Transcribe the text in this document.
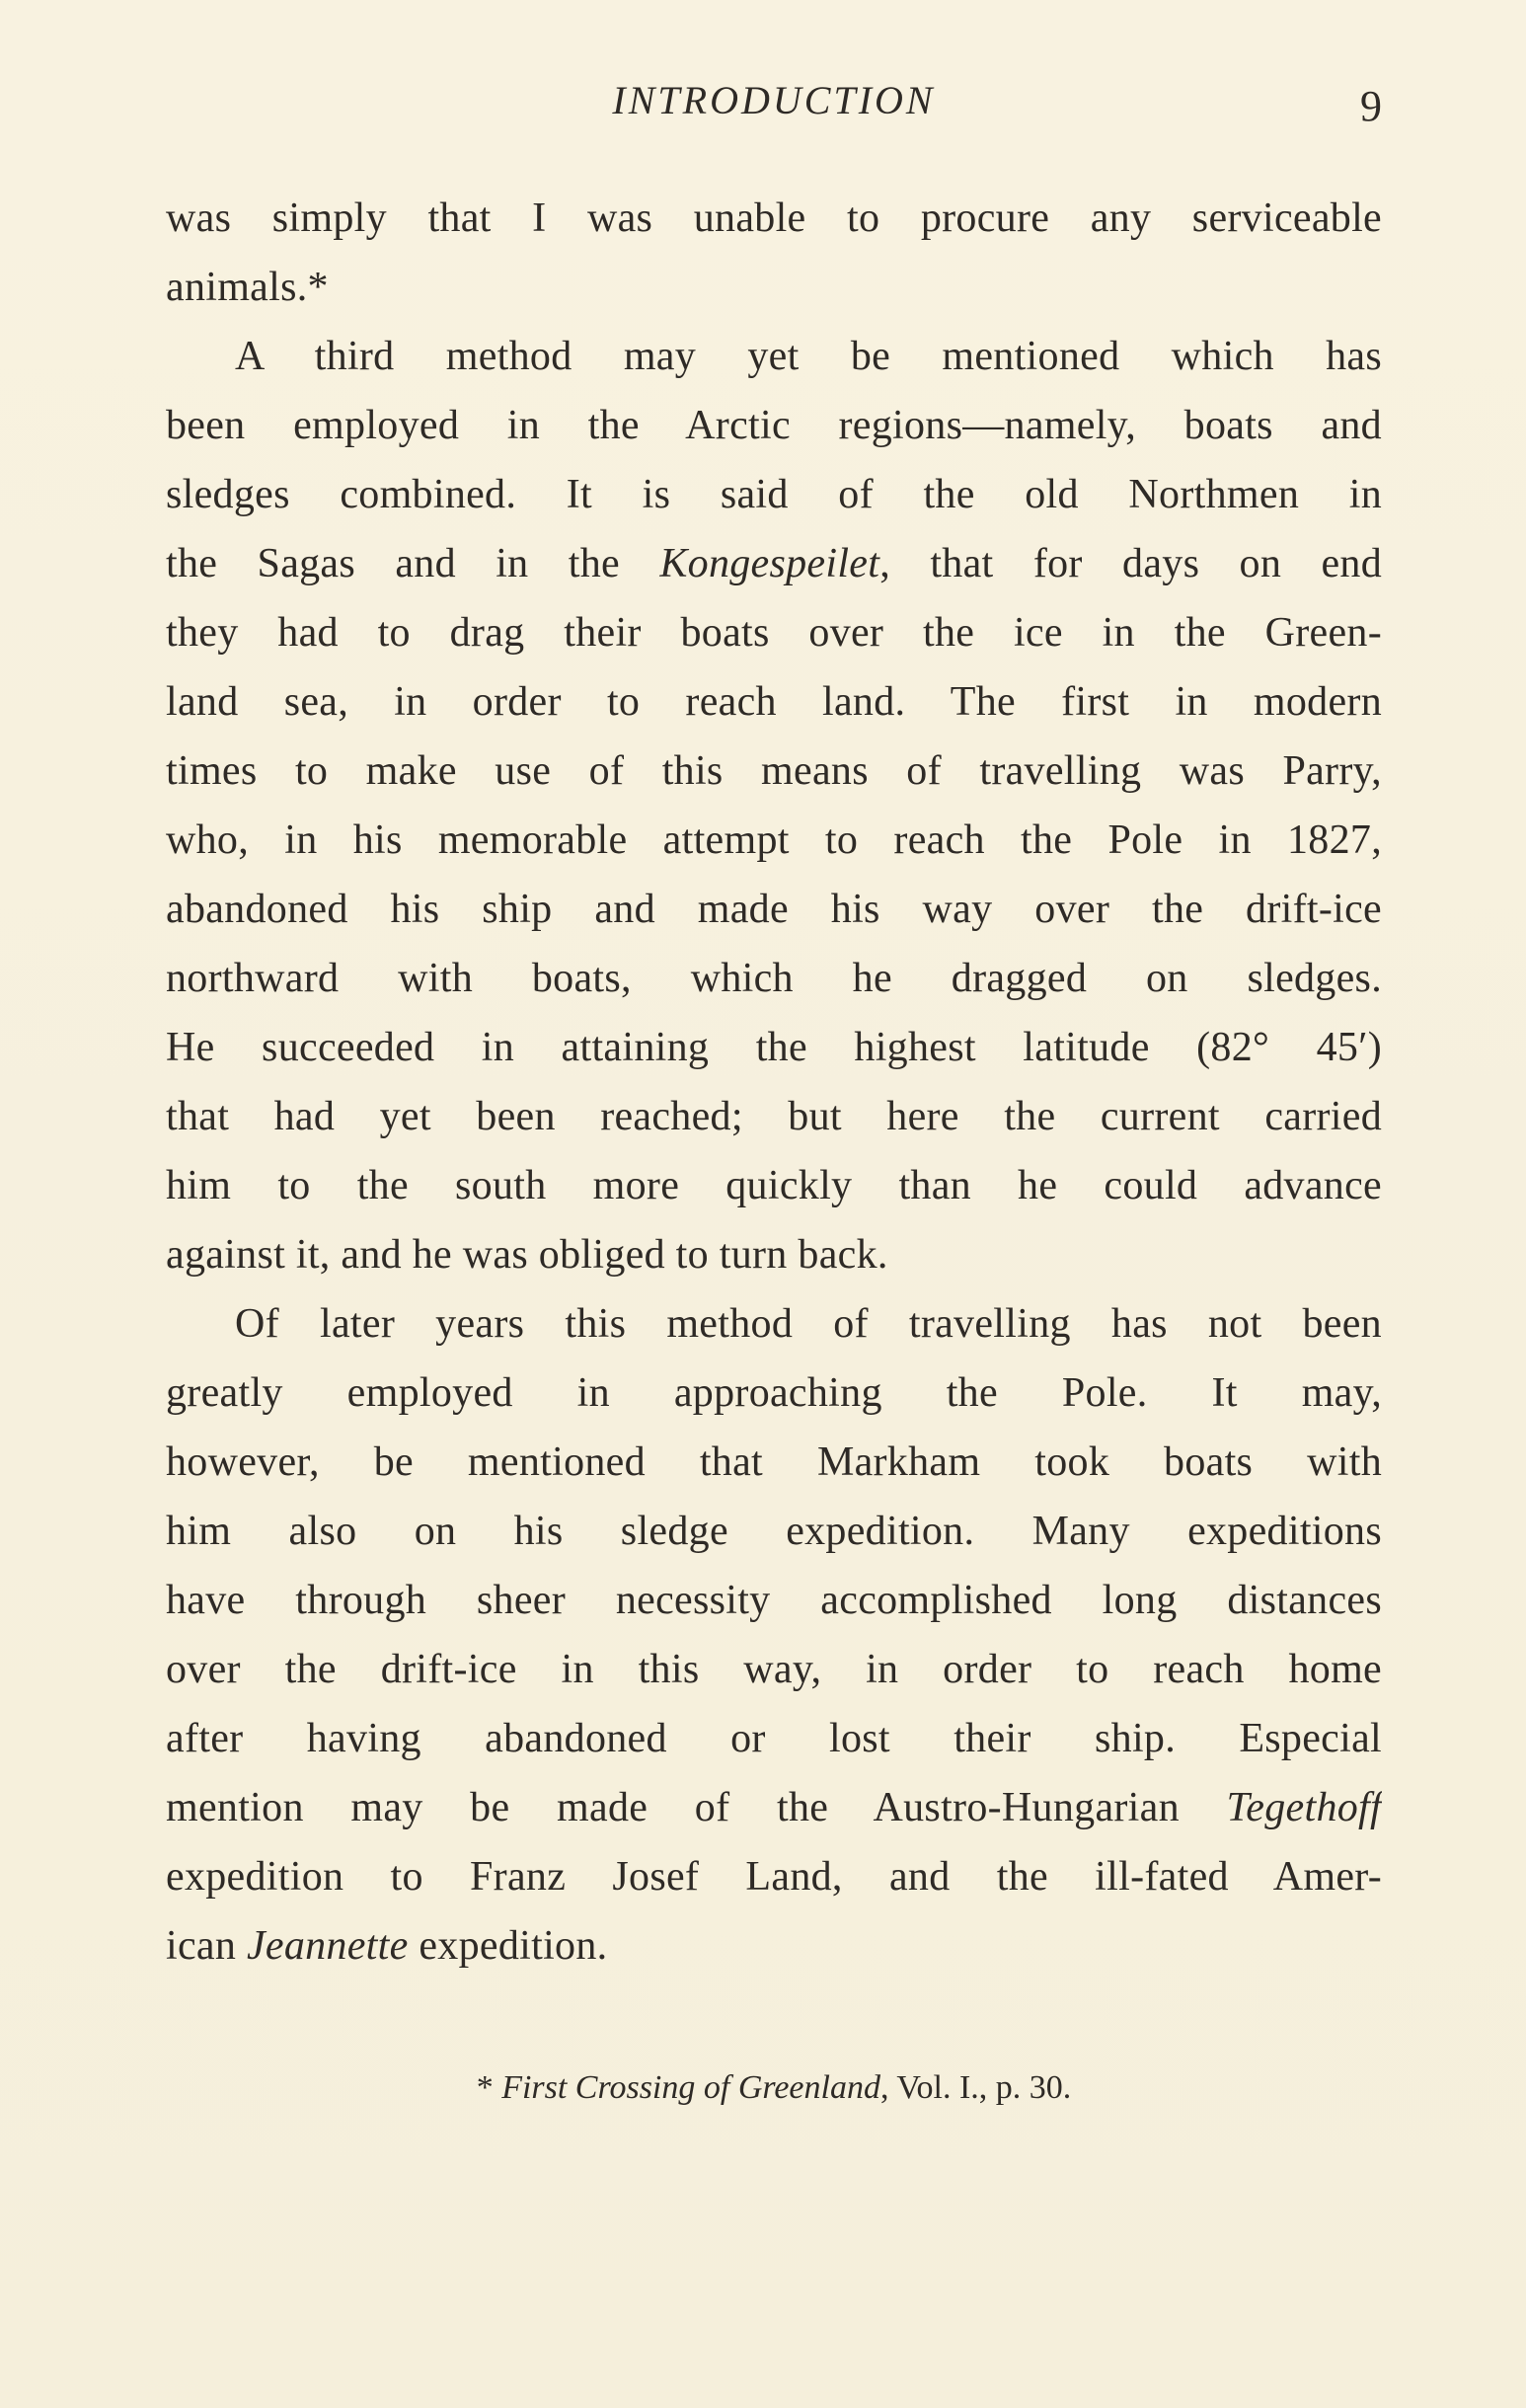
INTRODUCTION	9
was simply that I was unable to procure any serviceable
animals.*
A third method may yet be mentioned which has
been employed in the Arctic regions—namely, boats and
sledges combined. It is said of the old Northmen in
the Sagas and in the Kongespeilet, that for days on end
they had to drag their boats over the ice in the Green-
land sea, in order to reach land. The first in modern
times to make use of this means of travelling was Parry,
who, in his memorable attempt to reach the Pole in 1827,
abandoned his ship and made his way over the drift-ice
northward with boats, which he dragged on sledges.
He succeeded in attaining the highest latitude (82° 45′)
that had yet been reached; but here the current carried
him to the south more quickly than he could advance
against it, and he was obliged to turn back.
Of later years this method of travelling has not been
greatly employed in approaching the Pole. It may,
however, be mentioned that Markham took boats with
him also on his sledge expedition. Many expeditions
have through sheer necessity accomplished long distances
over the drift-ice in this way, in order to reach home
after having abandoned or lost their ship. Especial
mention may be made of the Austro-Hungarian Tegethoff
expedition to Franz Josef Land, and the ill-fated Amer-
ican Jeannette expedition.
* First Crossing of Greenland, Vol. I., p. 30.
